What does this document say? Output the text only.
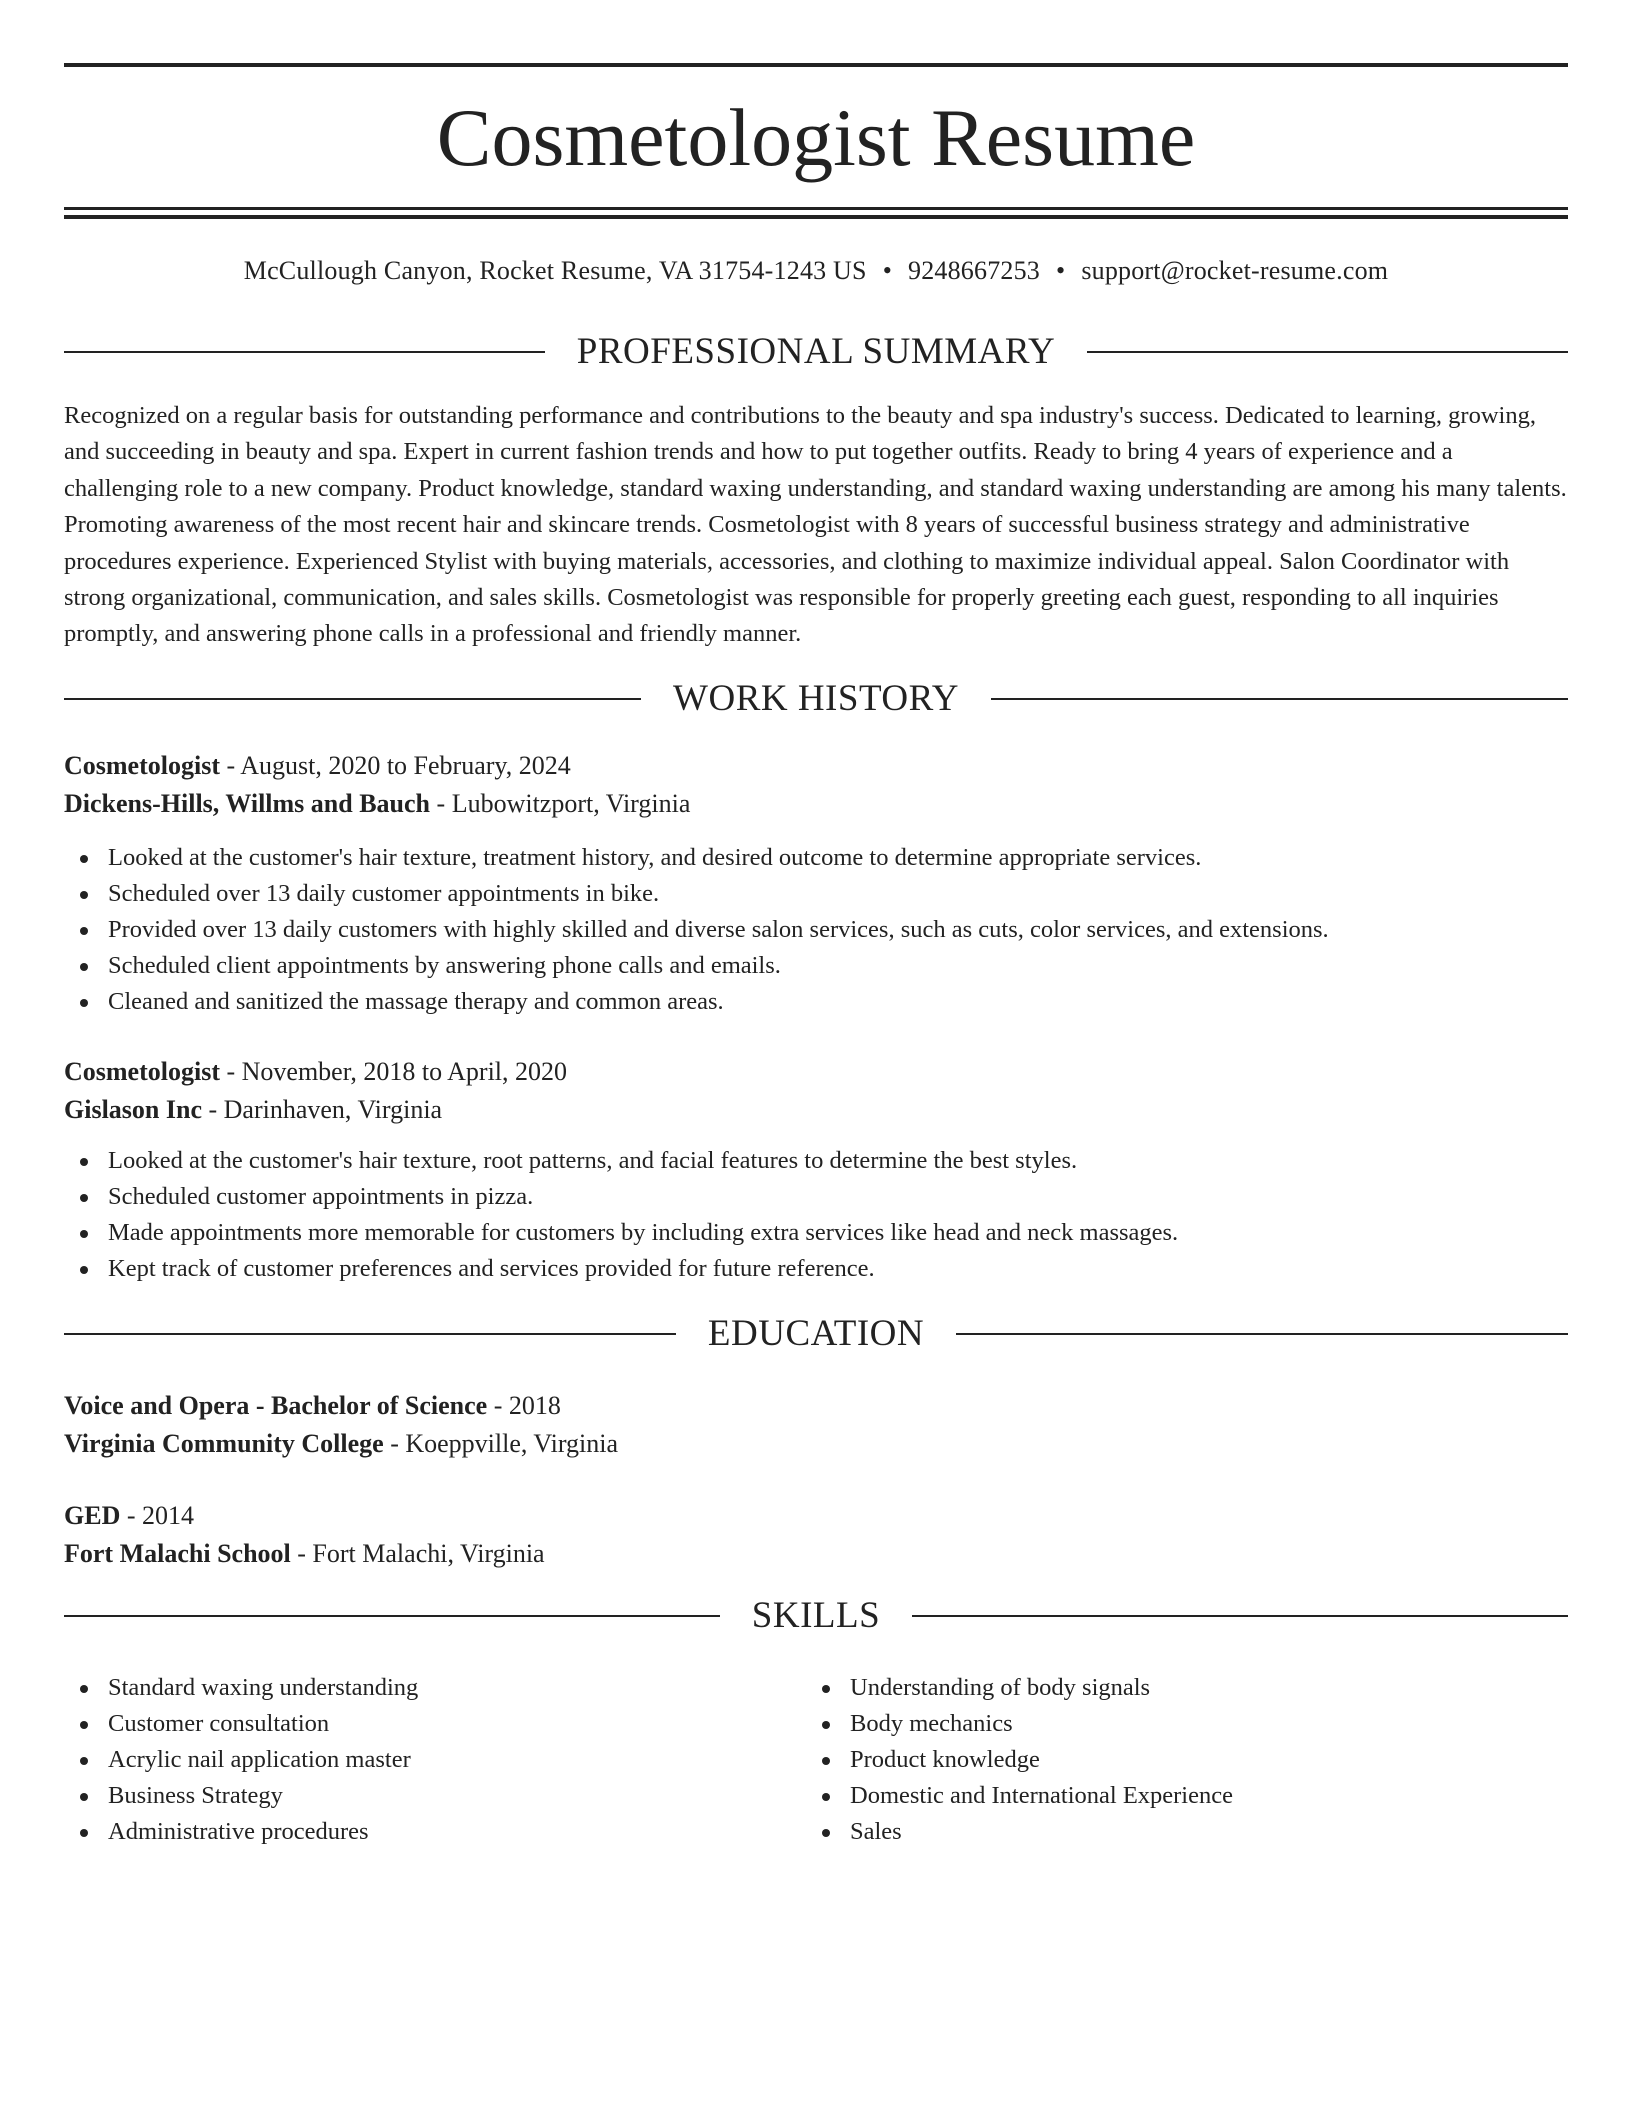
Cosmetologist Resume
McCullough Canyon, Rocket Resume, VA 31754-1243 US • 9248667253 • support@rocket-resume.com
PROFESSIONAL SUMMARY

Recognized on a regular basis for outstanding performance and contributions to the beauty and spa industry's success. Dedicated to learning, growing, and succeeding in beauty and spa. Expert in current fashion trends and how to put together outfits. Ready to bring 4 years of experience and a challenging role to a new company. Product knowledge, standard waxing understanding, and standard waxing understanding are among his many talents. Promoting awareness of the most recent hair and skincare trends. Cosmetologist with 8 years of successful business strategy and administrative procedures experience. Experienced Stylist with buying materials, accessories, and clothing to maximize individual appeal. Salon Coordinator with strong organizational, communication, and sales skills. Cosmetologist was responsible for properly greeting each guest, responding to all inquiries promptly, and answering phone calls in a professional and friendly manner.

WORK HISTORY
Cosmetologist - August, 2020 to February, 2024
Dickens-Hills, Willms and Bauch - Lubowitzport, Virginia
Looked at the customer's hair texture, treatment history, and desired outcome to determine appropriate services.
Scheduled over 13 daily customer appointments in bike.
Provided over 13 daily customers with highly skilled and diverse salon services, such as cuts, color services, and extensions.
Scheduled client appointments by answering phone calls and emails.
Cleaned and sanitized the massage therapy and common areas.
Cosmetologist - November, 2018 to April, 2020
Gislason Inc - Darinhaven, Virginia
Looked at the customer's hair texture, root patterns, and facial features to determine the best styles.
Scheduled customer appointments in pizza.
Made appointments more memorable for customers by including extra services like head and neck massages.
Kept track of customer preferences and services provided for future reference.
EDUCATION
Voice and Opera - Bachelor of Science - 2018
Virginia Community College - Koeppville, Virginia
GED - 2014
Fort Malachi School - Fort Malachi, Virginia
SKILLS
Standard waxing understanding
Customer consultation
Acrylic nail application master
Business Strategy
Administrative procedures
Understanding of body signals
Body mechanics
Product knowledge
Domestic and International Experience
Sales
